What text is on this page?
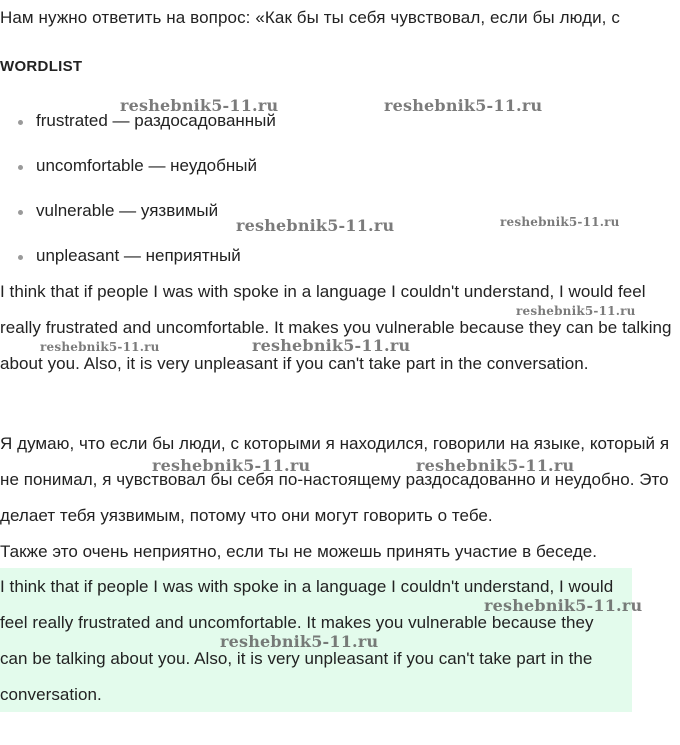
Нам нужно ответить на вопрос: «Как бы ты себя чувствовал, если бы люди, с
WORDLIST
frustrated — раздосадованный
uncomfortable — неудобный
vulnerable — уязвимый
unpleasant — неприятный

I think that if people I was with spoke in a language I couldn't understand, I would feel really frustrated and uncomfortable. It makes you vulnerable because they can be talking about you. Also, it is very unpleasant if you can't take part in the conversation.

Я думаю, что если бы люди, с которыми я находился, говорили на языке, который я не понимал, я чувствовал бы себя по-настоящему раздосадованно и неудобно. Это делает тебя уязвимым, потому что они могут говорить о тебе.

Также это очень неприятно, если ты не можешь принять участие в беседе.

I think that if people I was with spoke in a language I couldn't understand, I would feel really frustrated and uncomfortable. It makes you vulnerable because they can be talking about you. Also, it is very unpleasant if you can't take part in the conversation.

reshebnik5-11.ru	reshebnik5-11.ru
reshebnik5-11.ru	reshebnik5-11.ru
reshebnik5-11.ru
reshebnik5-11.ru	reshebnik5-11.ru
reshebnik5-11.ru	reshebnik5-11.ru
reshebnik5-11.ru
reshebnik5-11.ru
